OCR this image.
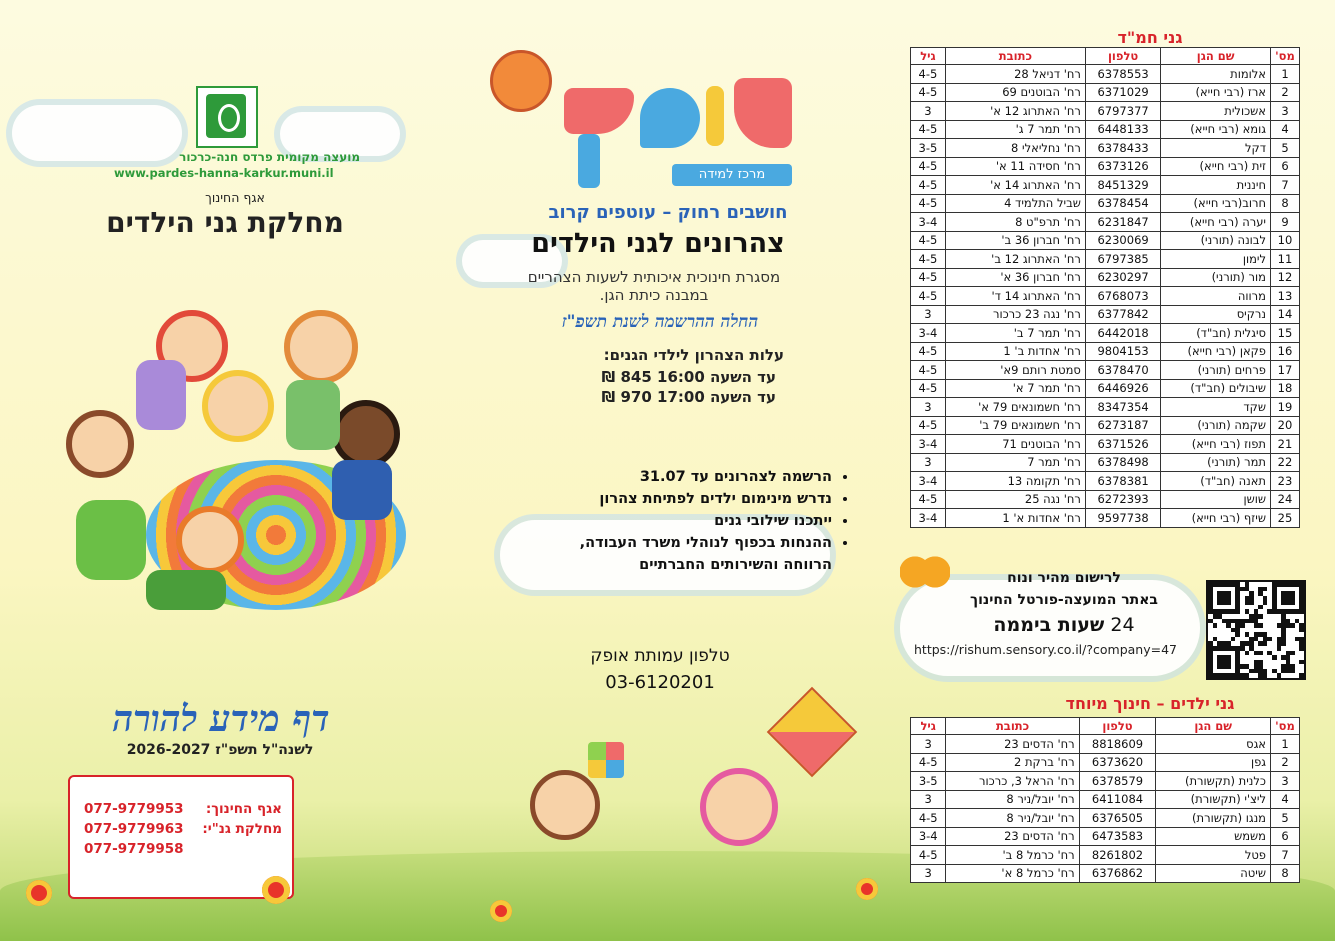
מועצה מקומית פרדס חנה-כרכור
www.pardes-hanna-karkur.muni.il
אגף החינוך
מחלקת גני הילדים
דף מידע להורה
לשנה"ל תשפ"ז 2026-2027
אגף החינוך:
077-9779953
מחלקת גנ"י:
077-9779963
077-9779958
מרכז למידה
חושבים רחוק – עוטפים קרוב
צהרונים לגני הילדים
מסגרת חינוכית איכותית לשעות הצהריים
במבנה כיתת הגן.
החלה ההרשמה לשנת תשפ"ז
עלות הצהרון לילדי הגנים:
עד השעה 16:00 845 ₪
עד השעה 17:00 970 ₪
• הרשמה לצהרונים עד 31.07
• נדרש מינימום ילדים לפתיחת צהרון
• ייתכנו שילובי גנים
• ההנחות בכפוף לנוהלי משרד העבודה, הרווחה והשירותים החברתיים
טלפון עמותת אופק
03-6120201
גני חמ"ד
מס'	שם הגן	טלפון	כתובת	גיל
1	אלומות	6378553	רח' דניאל 28	4-5
2	ארז (רבי חייא)	6371029	רח' הבוטנים 69	4-5
3	אשכולית	6797377	רח' האתרוג 12 א'	3
4	גומא (רבי חייא)	6448133	רח' תמר 7 ג'	4-5
5	דקל	6378433	רח' נחליאלי 8	3-5
6	זית (רבי חייא)	6373126	רח' חסידה 11 א'	4-5
7	חיננית	8451329	רח' האתרוג 14 א'	4-5
8	חרוב(רבי חייא)	6378454	שביל התלמיד 4	4-5
9	יערה (רבי חייא)	6231847	רח' תרפ"ט 8	3-4
10	לבונה (תורני)	6230069	רח' חברון 36 ב'	4-5
11	לימון	6797385	רח' האתרוג 12 ב'	4-5
12	מור (תורני)	6230297	רח' חברון 36 א'	4-5
13	מרווה	6768073	רח' האתרוג 14 ד'	4-5
14	נרקיס	6377842	רח' נגה 23 כרכור	3
15	סיגלית (חב"ד)	6442018	רח' תמר 7 ב'	3-4
16	פקאן (רבי חייא)	9804153	רח' אחדות ב' 1	4-5
17	פרחים (תורני)	6378470	סמטת רותם 9א'	4-5
18	שיבולים (חב"ד)	6446926	רח' תמר 7 א'	4-5
19	שקד	8347354	רח' חשמונאים 79 א'	3
20	שקמה (תורני)	6273187	רח' חשמונאים 79 ב'	4-5
21	תפוז (רבי חייא)	6371526	רח' הבוטנים 71	3-4
22	תמר (תורני)	6378498	רח' תמר 7	3
23	תאנה (חב"ד)	6378381	רח' תקומה 13	3-4
24	שושן	6272393	רח' נגה 25	4-5
25	שיזף (רבי חייא)	9597738	רח' אחדות א' 1	3-4
לרישום מהיר ונוח
באתר המועצה-פורטל החינוך
24 שעות ביממה
https://rishum.sensory.co.il/?company=47
גני ילדים – חינוך מיוחד
מס'	שם הגן	טלפון	כתובת	גיל
1	אגס	8818609	רח' הדסים 23	3
2	גפן	6373620	רח' ברקת 2	4-5
3	כלנית (תקשורת)	6378579	רח' הראל 3, כרכור	3-5
4	ליצ'י (תקשורת)	6411084	רח' יובל/ניר 8	3
5	מנגו (תקשורת)	6376505	רח' יובל/ניר 8	4-5
6	משמש	6473583	רח' הדסים 23	3-4
7	פטל	8261802	רח' כרמל 8 ב'	4-5
8	שיטה	6376862	רח' כרמל 8 א'	3
